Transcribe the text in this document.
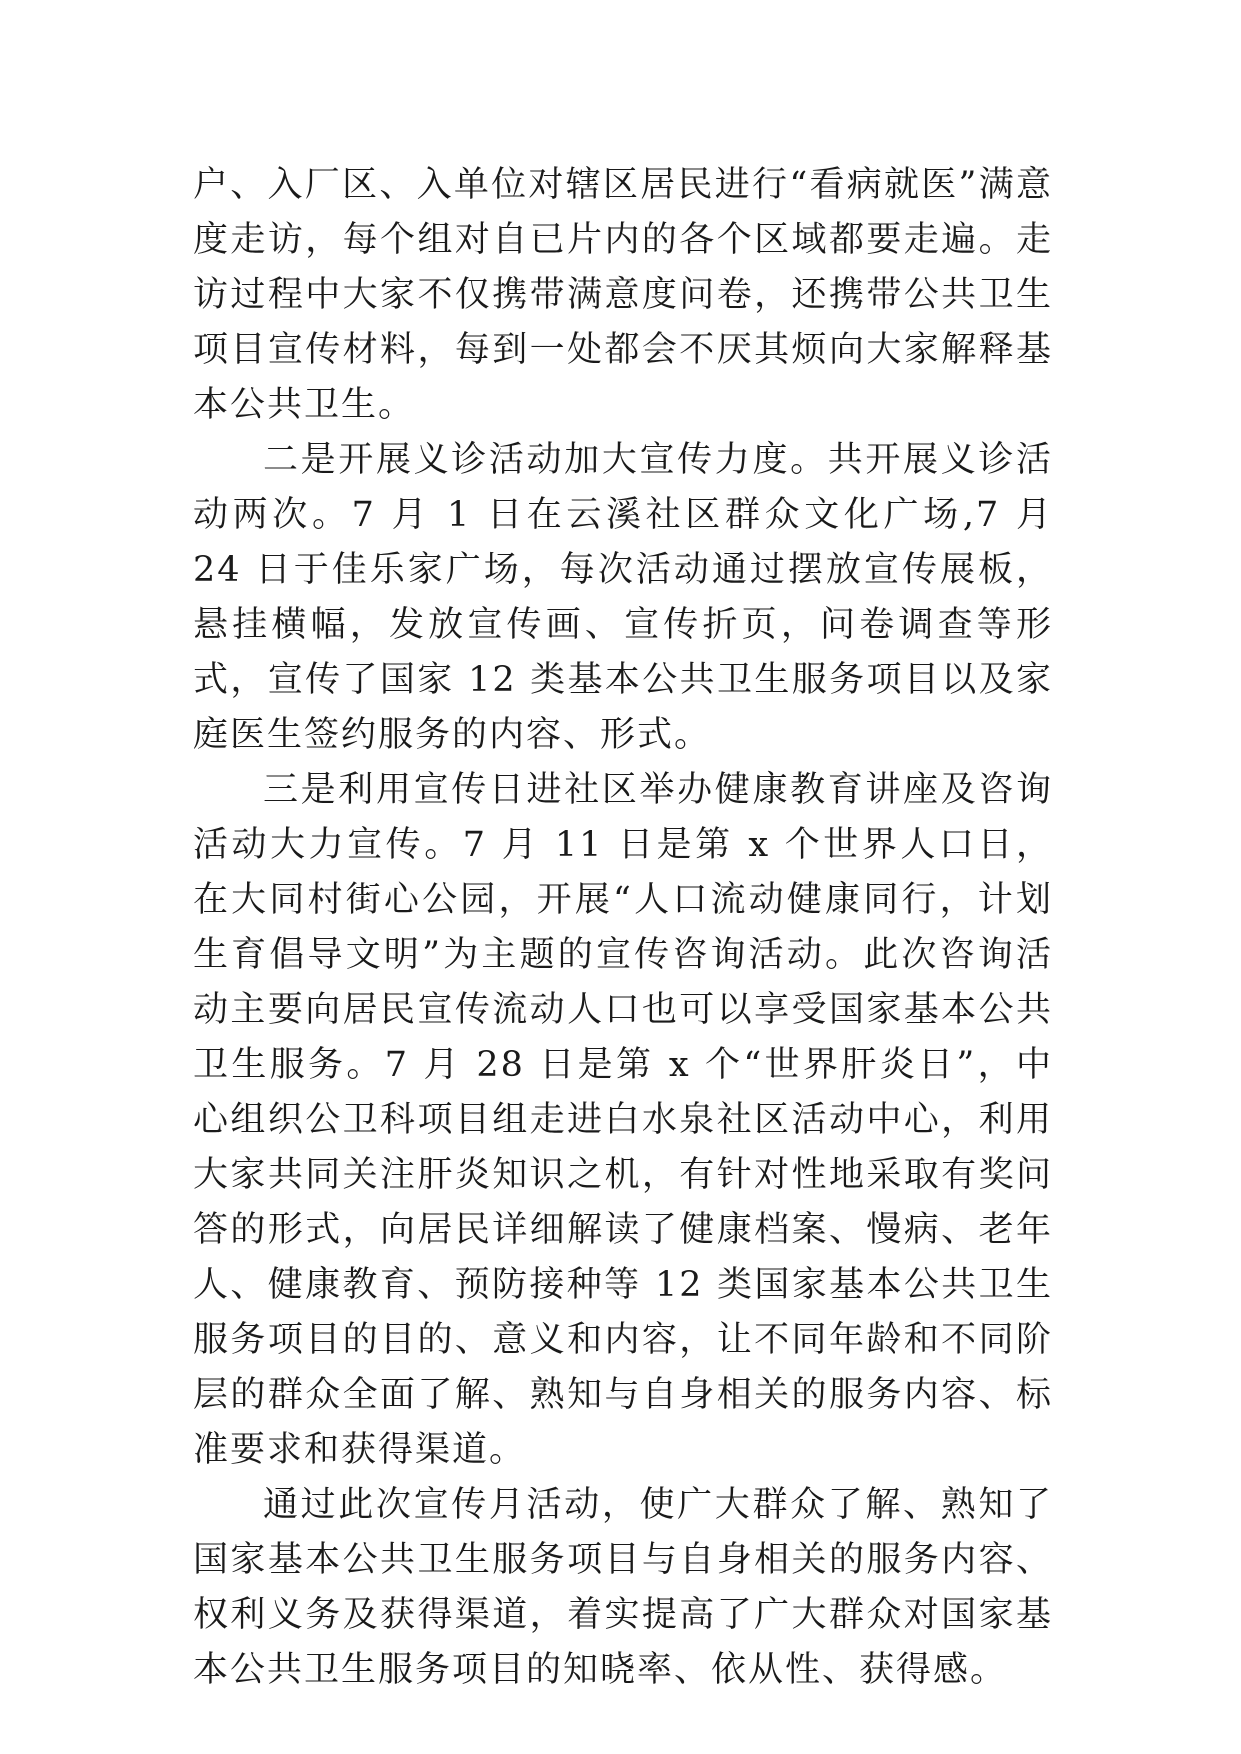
户、入厂区、入单位对辖区居民进行“看病就医”满意度走访，每个组对自已片内的各个区域都要走遍。走访过程中大家不仅携带满意度问卷，还携带公共卫生项目宣传材料，每到一处都会不厌其烦向大家解释基本公共卫生。

二是开展义诊活动加大宣传力度。共开展义诊活动两次。7 月 1 日在云溪社区群众文化广场,7 月 24 日于佳乐家广场，每次活动通过摆放宣传展板，悬挂横幅，发放宣传画、宣传折页，问卷调查等形式，宣传了国家 12 类基本公共卫生服务项目以及家庭医生签约服务的内容、形式。

三是利用宣传日进社区举办健康教育讲座及咨询活动大力宣传。7 月 11 日是第 x 个世界人口日，在大同村街心公园，开展“人口流动健康同行，计划生育倡导文明”为主题的宣传咨询活动。此次咨询活动主要向居民宣传流动人口也可以享受国家基本公共卫生服务。7 月 28 日是第 x 个“世界肝炎日”，中心组织公卫科项目组走进白水泉社区活动中心，利用大家共同关注肝炎知识之机，有针对性地采取有奖问答的形式，向居民详细解读了健康档案、慢病、老年人、健康教育、预防接种等 12 类国家基本公共卫生服务项目的目的、意义和内容，让不同年龄和不同阶层的群众全面了解、熟知与自身相关的服务内容、标准要求和获得渠道。

通过此次宣传月活动，使广大群众了解、熟知了国家基本公共卫生服务项目与自身相关的服务内容、权利义务及获得渠道，着实提高了广大群众对国家基本公共卫生服务项目的知晓率、依从性、获得感。
